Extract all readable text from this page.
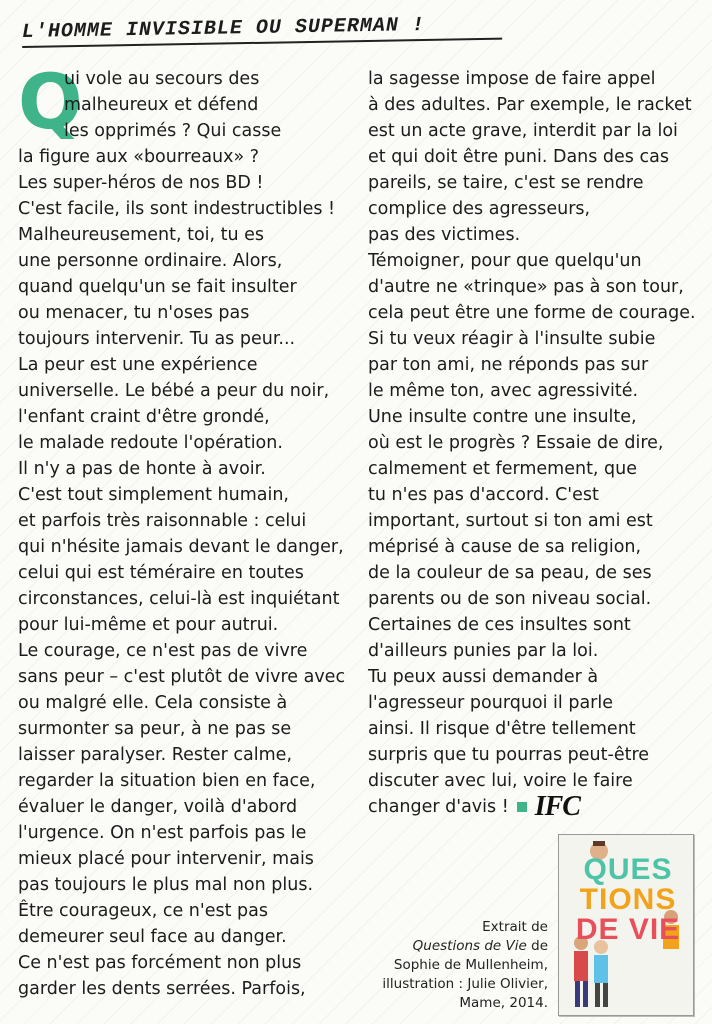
L'HOMME INVISIBLE OU SUPERMAN !
Q

ui vole au secours des

malheureux et défend

les opprimés ? Qui casse

la figure aux «bourreaux» ?

Les super-héros de nos BD !

C'est facile, ils sont indestructibles !

Malheureusement, toi, tu es

une personne ordinaire. Alors,

quand quelqu'un se fait insulter

ou menacer, tu n'oses pas

toujours intervenir. Tu as peur...

La peur est une expérience

universelle. Le bébé a peur du noir,

l'enfant craint d'être grondé,

le malade redoute l'opération.

Il n'y a pas de honte à avoir.

C'est tout simplement humain,

et parfois très raisonnable : celui

qui n'hésite jamais devant le danger,

celui qui est téméraire en toutes

circonstances, celui-là est inquiétant

pour lui-même et pour autrui.

Le courage, ce n'est pas de vivre

sans peur – c'est plutôt de vivre avec

ou malgré elle. Cela consiste à

surmonter sa peur, à ne pas se

laisser paralyser. Rester calme,

regarder la situation bien en face,

évaluer le danger, voilà d'abord

l'urgence. On n'est parfois pas le

mieux placé pour intervenir, mais

pas toujours le plus mal non plus.

Être courageux, ce n'est pas

demeurer seul face au danger.

Ce n'est pas forcément non plus

garder les dents serrées. Parfois,

la sagesse impose de faire appel

à des adultes. Par exemple, le racket

est un acte grave, interdit par la loi

et qui doit être puni. Dans des cas

pareils, se taire, c'est se rendre

complice des agresseurs,

pas des victimes.

Témoigner, pour que quelqu'un

d'autre ne «trinque» pas à son tour,

cela peut être une forme de courage.

Si tu veux réagir à l'insulte subie

par ton ami, ne réponds pas sur

le même ton, avec agressivité.

Une insulte contre une insulte,

où est le progrès ? Essaie de dire,

calmement et fermement, que

tu n'es pas d'accord. C'est

important, surtout si ton ami est

méprisé à cause de sa religion,

de la couleur de sa peau, de ses

parents ou de son niveau social.

Certaines de ces insultes sont

d'ailleurs punies par la loi.

Tu peux aussi demander à

l'agresseur pourquoi il parle

ainsi. Il risque d'être tellement

surpris que tu pourras peut-être

discuter avec lui, voire le faire

changer d'avis ! IFC

Extrait de
Questions de Vie de
Sophie de Mullenheim,
illustration : Julie Olivier,
Mame, 2014.
QUES
TIONS
DE VIE
